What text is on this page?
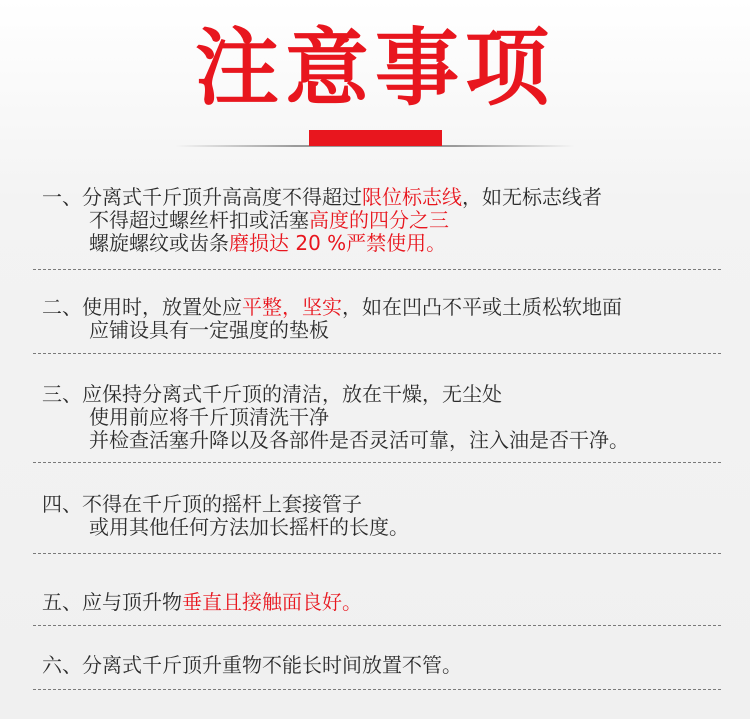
注意事项
一、分离式千斤顶升高高度不得超过限位标志线，如无标志线者
不得超过螺丝杆扣或活塞高度的四分之三
螺旋螺纹或齿条磨损达 20 %严禁使用。
二、使用时，放置处应平整，坚实，如在凹凸不平或土质松软地面
应铺设具有一定强度的垫板
三、应保持分离式千斤顶的清洁，放在干燥，无尘处
使用前应将千斤顶清洗干净
并检查活塞升降以及各部件是否灵活可靠，注入油是否干净。
四、不得在千斤顶的摇杆上套接管子
或用其他任何方法加长摇杆的长度。
五、应与顶升物垂直且接触面良好。
六、分离式千斤顶升重物不能长时间放置不管。
